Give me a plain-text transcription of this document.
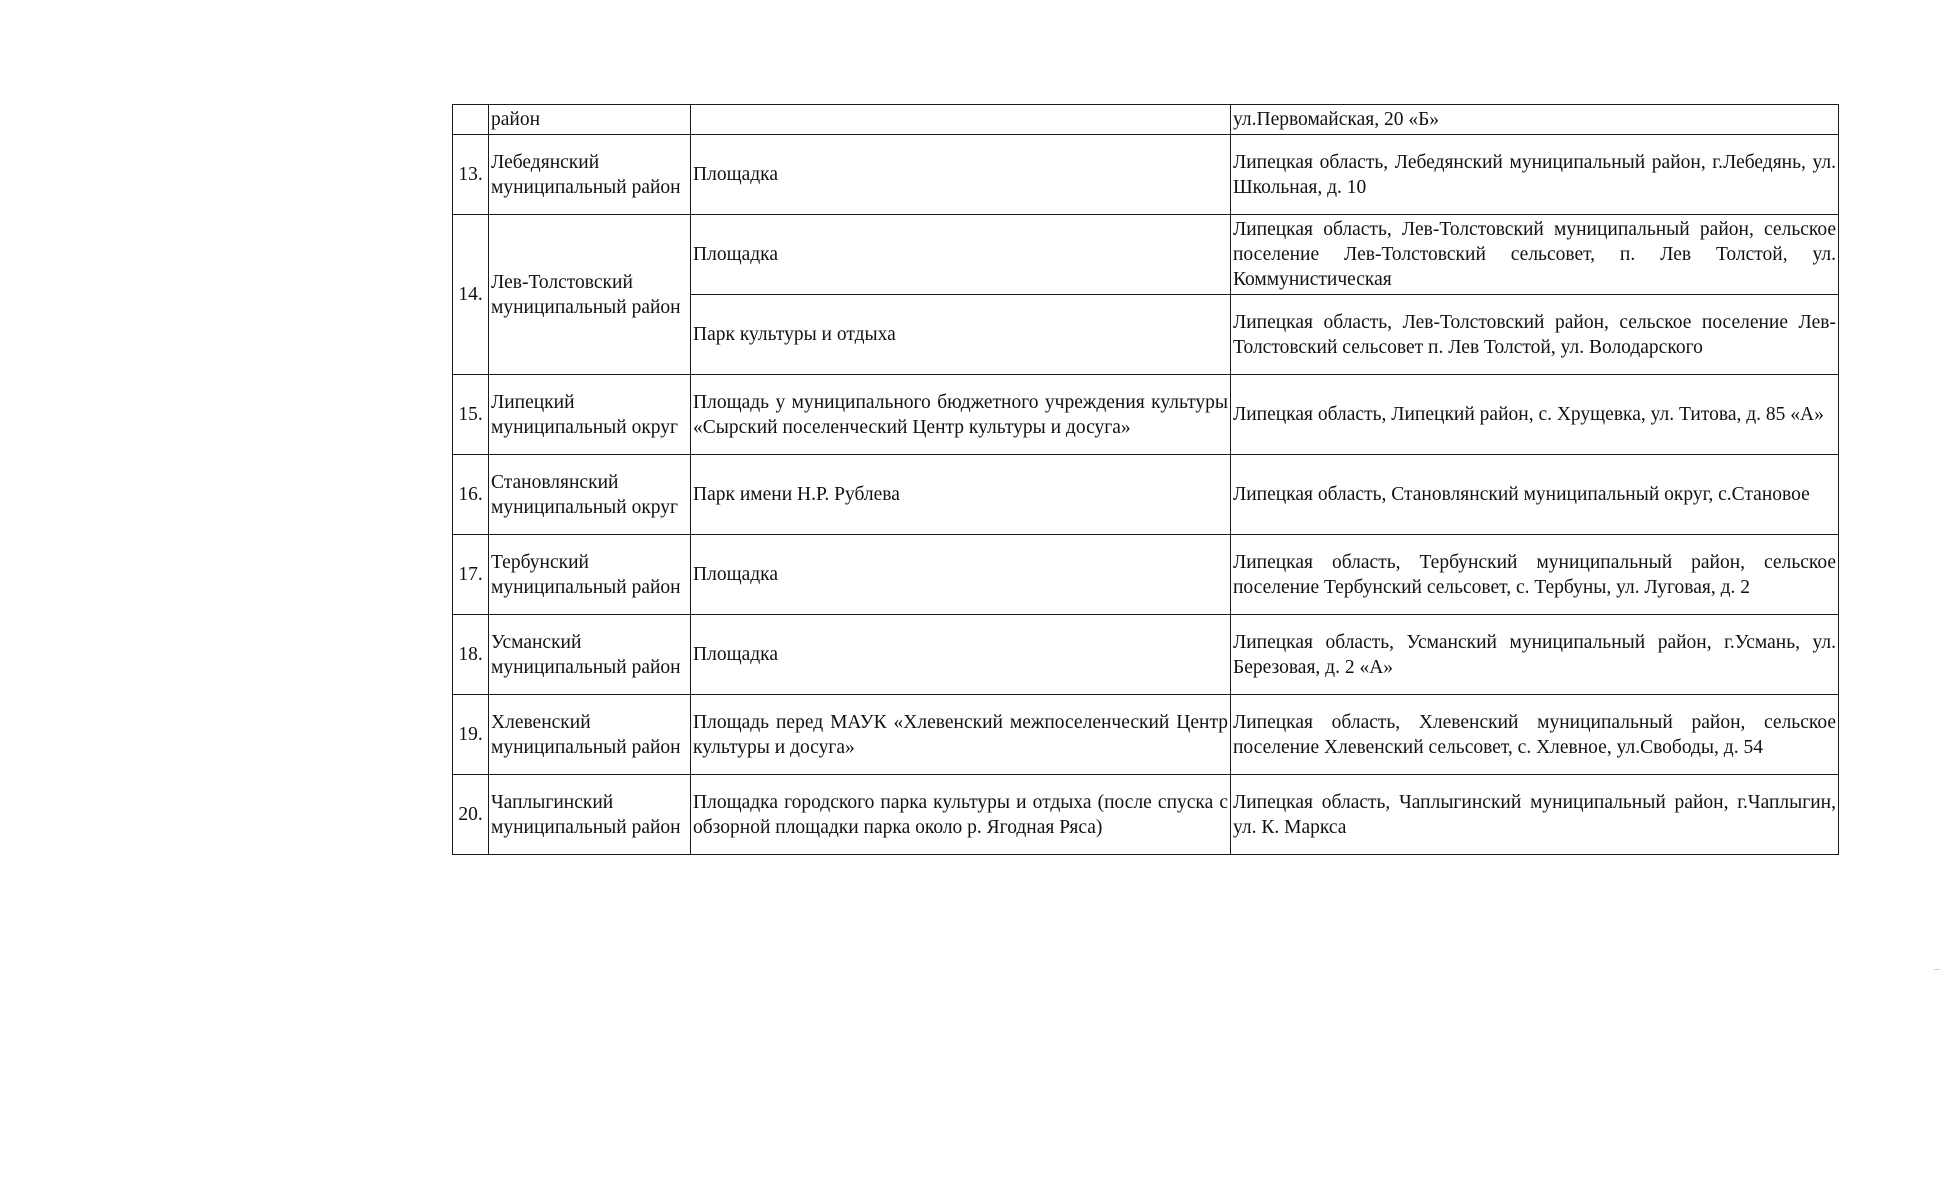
	район		ул.Первомайская, 20 «Б»
13.	Лебедянский муниципальный район	Площадка	Липецкая область, Лебедянский муниципальный район, г.Лебедянь, ул. Школьная, д. 10
14.	Лев-Толстовский муниципальный район	Площадка	Липецкая область, Лев-Толстовский муниципальный район, сельское поселение Лев-Толстовский сельсовет, п. Лев Толстой, ул. Коммунистическая
		Парк культуры и отдыха	Липецкая область, Лев-Толстовский район, сельское поселение Лев-Толстовский сельсовет п. Лев Толстой, ул. Володарского
15.	Липецкий муниципальный округ	Площадь у муниципального бюджетного учреждения культуры «Сырский поселенческий Центр культуры и досуга»	Липецкая область, Липецкий район, с. Хрущевка, ул. Титова, д. 85 «А»
16.	Становлянский муниципальный округ	Парк имени Н.Р. Рублева	Липецкая область, Становлянский муниципальный округ, с.Становое
17.	Тербунский муниципальный район	Площадка	Липецкая область, Тербунский муниципальный район, сельское поселение Тербунский сельсовет, с. Тербуны, ул. Луговая, д. 2
18.	Усманский муниципальный район	Площадка	Липецкая область, Усманский муниципальный район, г.Усмань, ул. Березовая, д. 2 «А»
19.	Хлевенский муниципальный район	Площадь перед МАУК «Хлевенский межпоселенческий Центр культуры и досуга»	Липецкая область, Хлевенский муниципальный район, сельское поселение Хлевенский сельсовет, с. Хлевное, ул.Свободы, д. 54
20.	Чаплыгинский муниципальный район	Площадка городского парка культуры и отдыха (после спуска с обзорной площадки парка около р. Ягодная Ряса)	Липецкая область, Чаплыгинский муниципальный район, г.Чаплыгин, ул. К. Маркса
